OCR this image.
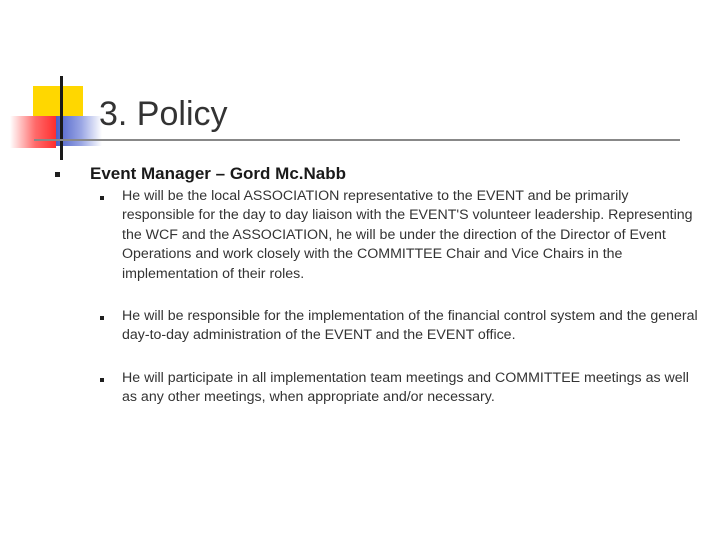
3. Policy
Event Manager – Gord Mc.Nabb

He will be the local ASSOCIATION representative to the EVENT and be primarily responsible for the day to day liaison with the EVENT'S volunteer leadership. Representing the WCF and the ASSOCIATION, he will be under the direction of the Director of Event Operations and work closely with the COMMITTEE Chair and Vice Chairs in the implementation of their roles.

He will be responsible for the implementation of the financial control system and the general day-to-day administration of the EVENT and the EVENT office.

He will participate in all implementation team meetings and COMMITTEE meetings as well as any other meetings, when appropriate and/or necessary.
